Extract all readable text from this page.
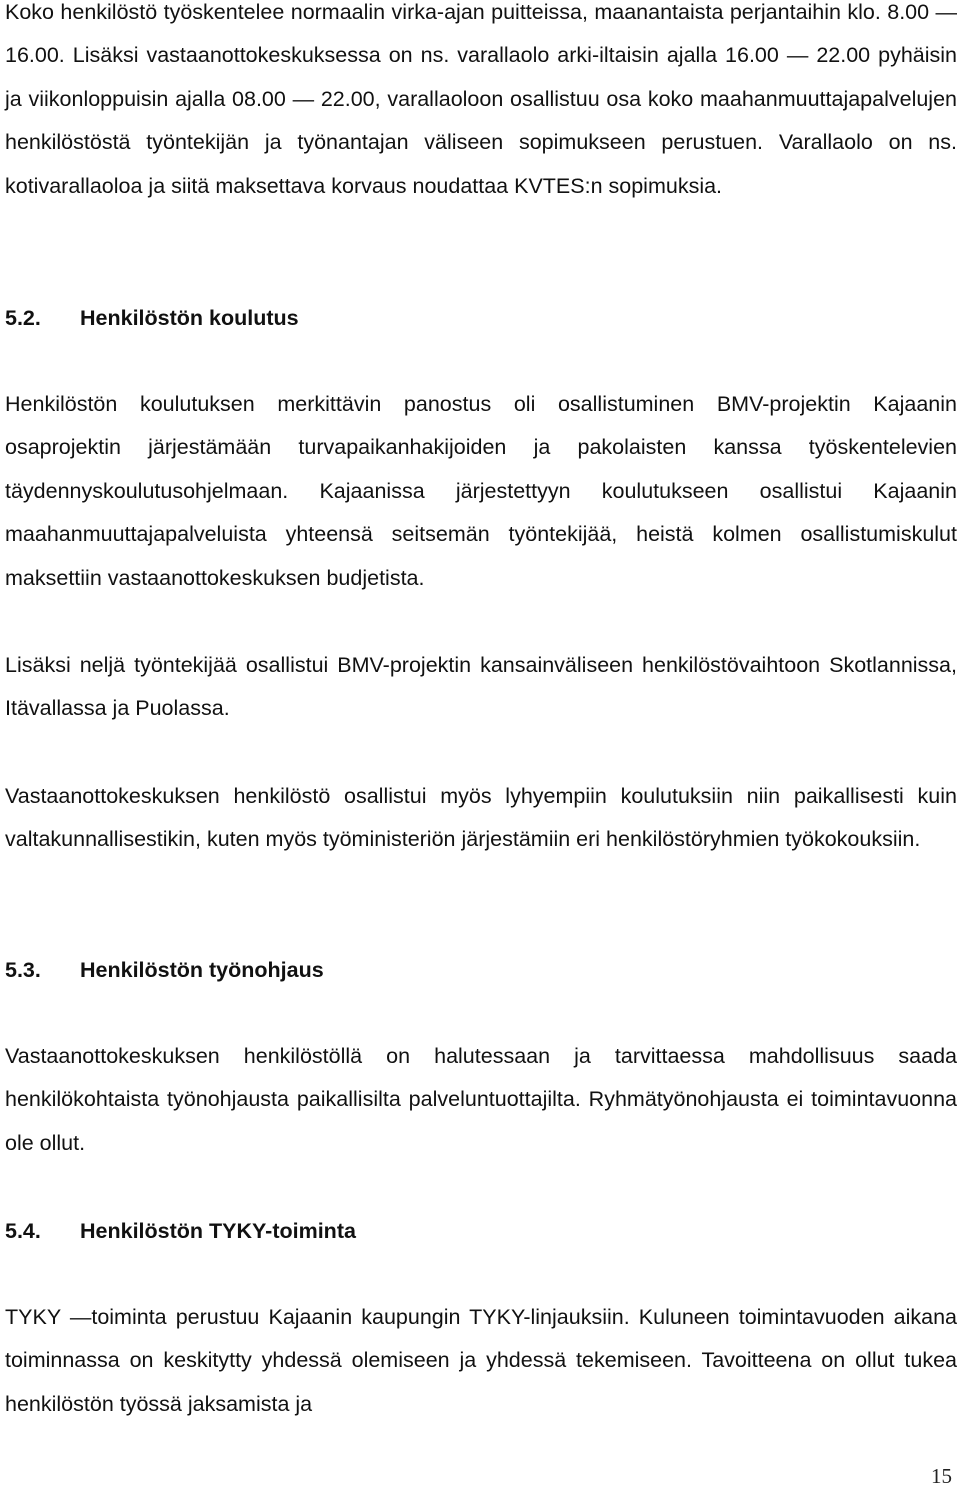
Koko henkilöstö työskentelee normaalin virka-ajan puitteissa, maanantaista perjantaihin klo. 8.00 —16.00. Lisäksi vastaanottokeskuksessa on ns. varallaolo arki-iltaisin ajalla 16.00 — 22.00 pyhäisin ja viikonloppuisin ajalla 08.00 — 22.00, varallaoloon osallistuu osa koko maahanmuuttajapalvelujen henkilöstöstä työntekijän ja työnantajan väliseen sopimukseen perustuen. Varallaolo on ns. kotivarallaoloa ja siitä maksettava korvaus noudattaa KVTES:n sopimuksia.

5.2. Henkilöstön koulutus

Henkilöstön koulutuksen merkittävin panostus oli osallistuminen BMV-projektin Kajaanin osaprojektin järjestämään turvapaikanhakijoiden ja pakolaisten kanssa työskentelevien täydennyskoulutusohjelmaan. Kajaanissa järjestettyyn koulutukseen osallistui Kajaanin maahanmuuttajapalveluista yhteensä seitsemän työntekijää, heistä kolmen osallistumiskulut maksettiin vastaanottokeskuksen budjetista.

Lisäksi neljä työntekijää osallistui BMV-projektin kansainväliseen henkilöstövaihtoon Skotlannissa, Itävallassa ja Puolassa.

Vastaanottokeskuksen henkilöstö osallistui myös lyhyempiin koulutuksiin niin paikallisesti kuin valtakunnallisestikin, kuten myös työministeriön järjestämiin eri henkilöstöryhmien työkokouksiin.

5.3. Henkilöstön työnohjaus

Vastaanottokeskuksen henkilöstöllä on halutessaan ja tarvittaessa mahdollisuus saada henkilökohtaista työnohjausta paikallisilta palveluntuottajilta. Ryhmätyönohjausta ei toimintavuonna ole ollut.

5.4. Henkilöstön TYKY-toiminta

TYKY —toiminta perustuu Kajaanin kaupungin TYKY-linjauksiin. Kuluneen toimintavuoden aikana toiminnassa on keskitytty yhdessä olemiseen ja yhdessä tekemiseen. Tavoitteena on ollut tukea henkilöstön työssä jaksamista ja

15
